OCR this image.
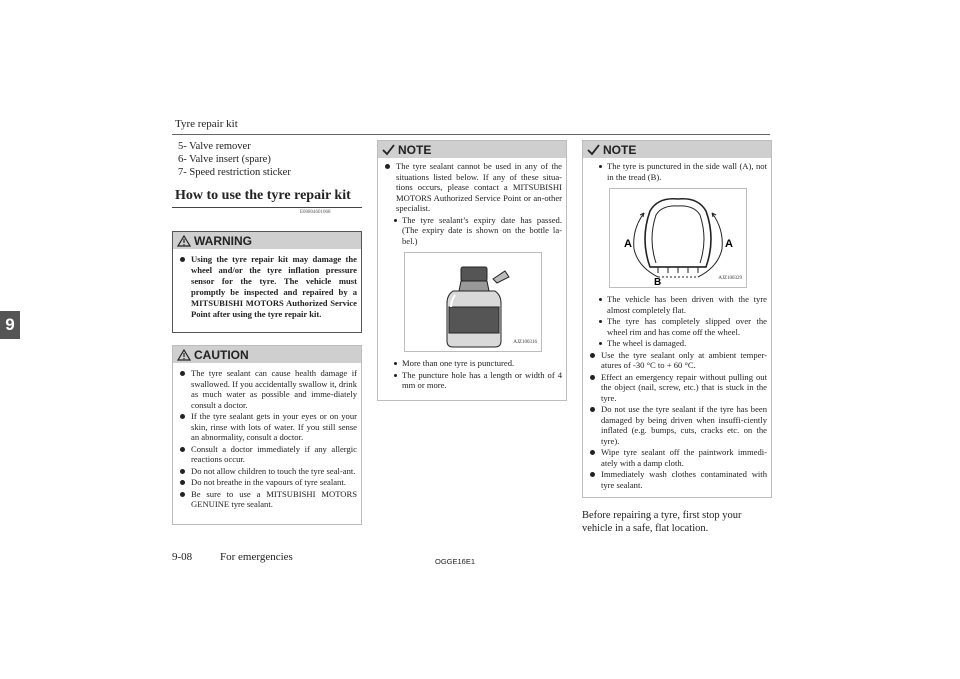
Tyre repair kit
9
5- Valve remover
6- Valve insert (spare)
7- Speed restriction sticker
How to use the tyre repair kit
E00804601068
WARNING
Using the tyre repair kit may damage the wheel and/or the tyre inflation pressure sensor for the tyre. The vehicle must promptly be inspected and repaired by a MITSUBISHI MOTORS Authorized Service Point after using the tyre repair kit.
CAUTION
The tyre sealant can cause health damage if swallowed. If you accidentally swallow it, drink as much water as possible and imme-diately consult a doctor.
If the tyre sealant gets in your eyes or on your skin, rinse with lots of water. If you still sense an abnormality, consult a doctor.
Consult a doctor immediately if any allergic reactions occur.
Do not allow children to touch the tyre seal-ant.
Do not breathe in the vapours of tyre sealant.
Be sure to use a MITSUBISHI MOTORS GENUINE tyre sealant.
NOTE
The tyre sealant cannot be used in any of the situations listed below. If any of these situa-tions occurs, please contact a MITSUBISHI MOTORS Authorized Service Point or an-other specialist.
The tyre sealant’s expiry date has passed. (The expiry date is shown on the bottle la-bel.)
AJZ100316
More than one tyre is punctured.
The puncture hole has a length or width of 4 mm or more.
NOTE
The tyre is punctured in the side wall (A), not in the tread (B).
A	A
B	AJZ100329
The vehicle has been driven with the tyre almost completely flat.
The tyre has completely slipped over the wheel rim and has come off the wheel.
The wheel is damaged.
Use the tyre sealant only at ambient temper-atures of -30 °C to + 60 °C.
Effect an emergency repair without pulling out the object (nail, screw, etc.) that is stuck in the tyre.
Do not use the tyre sealant if the tyre has been damaged by being driven when insuffi-ciently inflated (e.g. bumps, cuts, cracks etc. on the tyre).
Wipe tyre sealant off the paintwork immedi-ately with a damp cloth.
Immediately wash clothes contaminated with tyre sealant.
Before repairing a tyre, first stop your vehicle in a safe, flat location.
9-08	For emergencies	OGGE16E1
